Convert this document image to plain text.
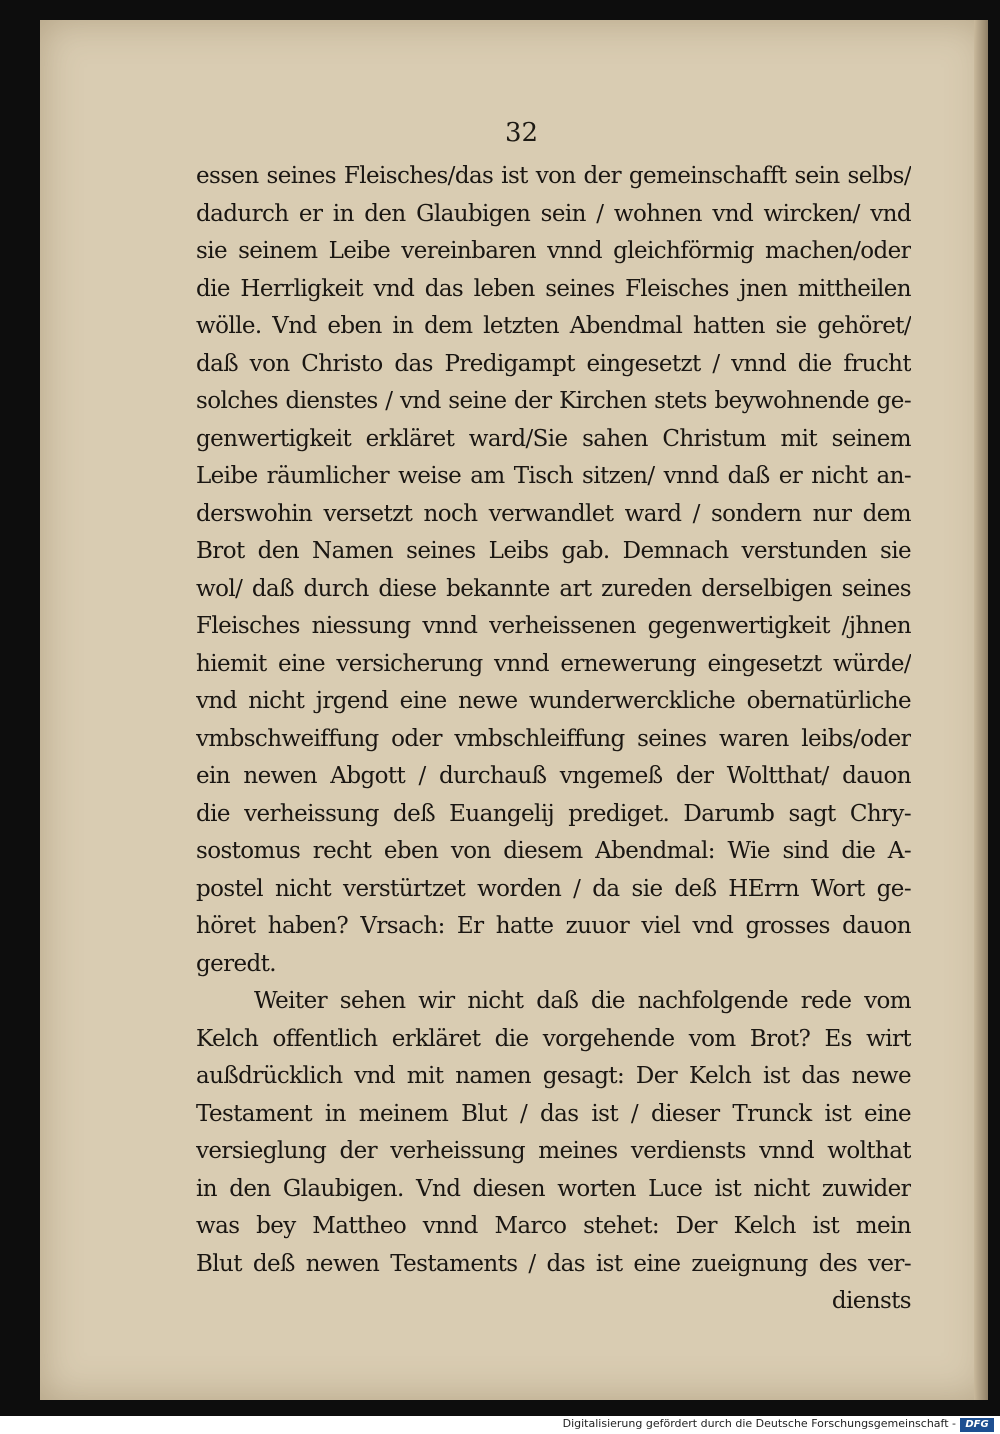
32
essen seines Fleisches/das ist von der gemeinschafft sein selbs/
dadurch er in den Glaubigen sein / wohnen vnd wircken/ vnd
sie seinem Leibe vereinbaren vnnd gleichförmig machen/oder
die Herrligkeit vnd das leben seines Fleisches jnen mittheilen
wölle. Vnd eben in dem letzten Abendmal hatten sie gehöret/
daß von Christo das Predigampt eingesetzt / vnnd die frucht
solches dienstes / vnd seine der Kirchen stets beywohnende ge-
genwertigkeit erkläret ward/Sie sahen Christum mit seinem
Leibe räumlicher weise am Tisch sitzen/ vnnd daß er nicht an-
derswohin versetzt noch verwandlet ward / sondern nur dem
Brot den Namen seines Leibs gab. Demnach verstunden sie
wol/ daß durch diese bekannte art zureden derselbigen seines
Fleisches niessung vnnd verheissenen gegenwertigkeit /jhnen
hiemit eine versicherung vnnd ernewerung eingesetzt würde/
vnd nicht jrgend eine newe wunderwerckliche obernatürliche
vmbschweiffung oder vmbschleiffung seines waren leibs/oder
ein newen Abgott / durchauß vngemeß der Woltthat/ dauon
die verheissung deß Euangelij prediget. Darumb sagt Chry-
sostomus recht eben von diesem Abendmal: Wie sind die A-
postel nicht verstürtzet worden / da sie deß HErrn Wort ge-
höret haben? Vrsach: Er hatte zuuor viel vnd grosses dauon
geredt.
Weiter sehen wir nicht daß die nachfolgende rede vom
Kelch offentlich erkläret die vorgehende vom Brot? Es wirt
außdrücklich vnd mit namen gesagt: Der Kelch ist das newe
Testament in meinem Blut / das ist / dieser Trunck ist eine
versieglung der verheissung meines verdiensts vnnd wolthat
in den Glaubigen. Vnd diesen worten Luce ist nicht zuwider
was bey Mattheo vnnd Marco stehet: Der Kelch ist mein
Blut deß newen Testaments / das ist eine zueignung des ver-
diensts
Digitalisierung gefördert durch die Deutsche Forschungsgemeinschaft - DFG
